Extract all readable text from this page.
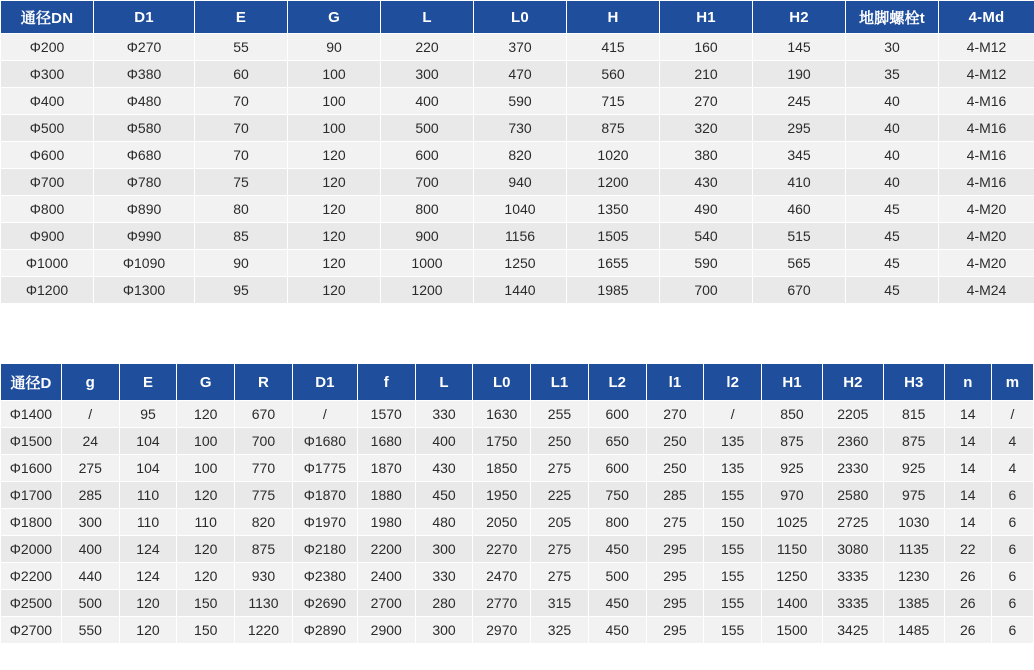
通径DN	D1	E	G	L	L0	H	H1	H2	地脚螺栓t	4-Md
Φ200	Φ270	55	90	220	370	415	160	145	30	4-M12
Φ300	Φ380	60	100	300	470	560	210	190	35	4-M12
Φ400	Φ480	70	100	400	590	715	270	245	40	4-M16
Φ500	Φ580	70	100	500	730	875	320	295	40	4-M16
Φ600	Φ680	70	120	600	820	1020	380	345	40	4-M16
Φ700	Φ780	75	120	700	940	1200	430	410	40	4-M16
Φ800	Φ890	80	120	800	1040	1350	490	460	45	4-M20
Φ900	Φ990	85	120	900	1156	1505	540	515	45	4-M20
Φ1000	Φ1090	90	120	1000	1250	1655	590	565	45	4-M20
Φ1200	Φ1300	95	120	1200	1440	1985	700	670	45	4-M24
通径D	g	E	G	R	D1	f	L	L0	L1	L2	l1	l2	H1	H2	H3	n	m
Φ1400	/	95	120	670	/	1570	330	1630	255	600	270	/	850	2205	815	14	/
Φ1500	24	104	100	700	Φ1680	1680	400	1750	250	650	250	135	875	2360	875	14	4
Φ1600	275	104	100	770	Φ1775	1870	430	1850	275	600	250	135	925	2330	925	14	4
Φ1700	285	110	120	775	Φ1870	1880	450	1950	225	750	285	155	970	2580	975	14	6
Φ1800	300	110	110	820	Φ1970	1980	480	2050	205	800	275	150	1025	2725	1030	14	6
Φ2000	400	124	120	875	Φ2180	2200	300	2270	275	450	295	155	1150	3080	1135	22	6
Φ2200	440	124	120	930	Φ2380	2400	330	2470	275	500	295	155	1250	3335	1230	26	6
Φ2500	500	120	150	1130	Φ2690	2700	280	2770	315	450	295	155	1400	3335	1385	26	6
Φ2700	550	120	150	1220	Φ2890	2900	300	2970	325	450	295	155	1500	3425	1485	26	6
